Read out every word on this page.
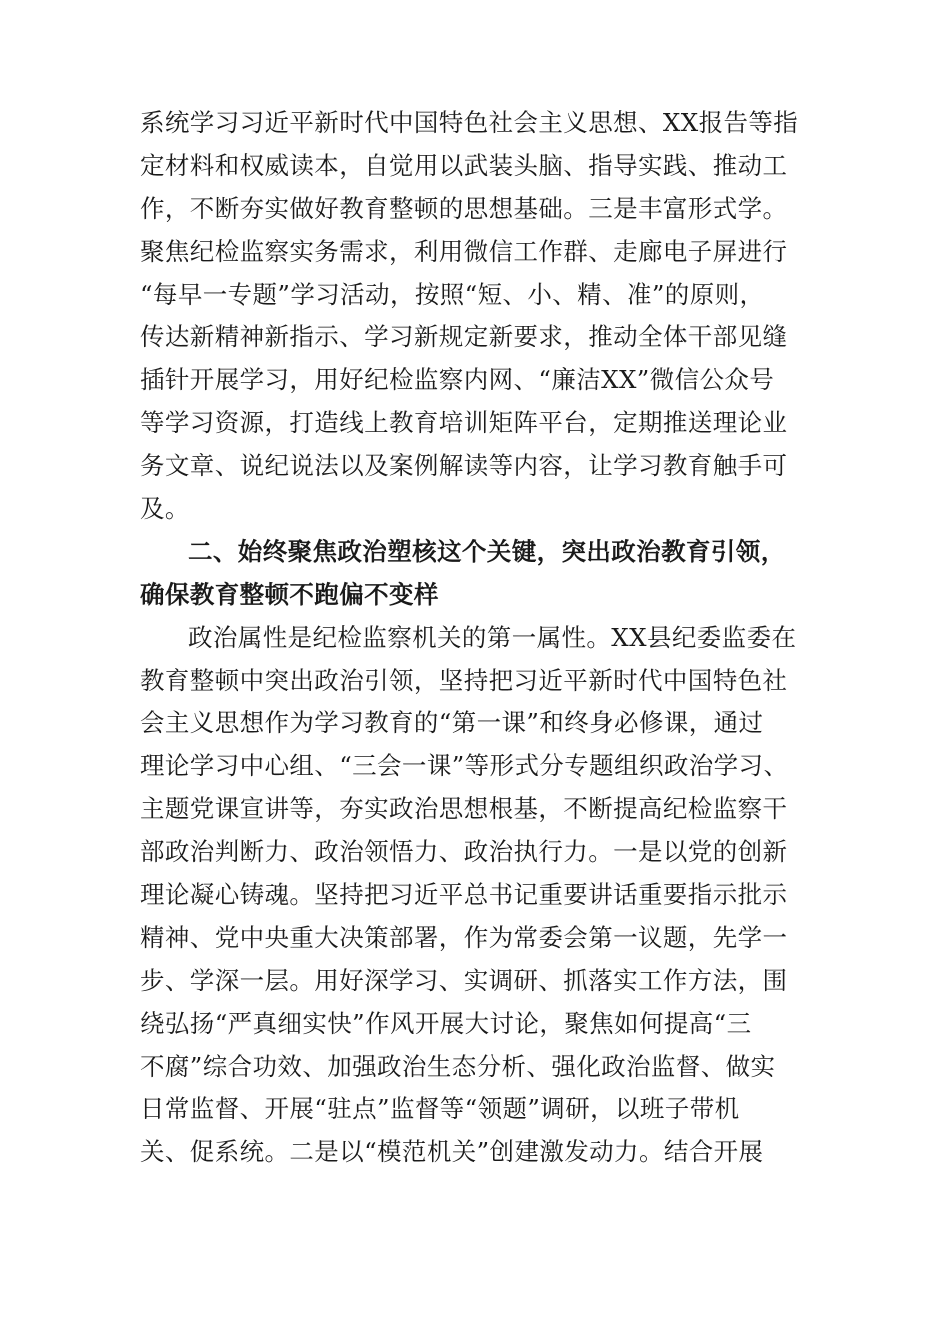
系统学习习近平新时代中国特色社会主义思想、XX报告等指
定材料和权威读本，自觉用以武装头脑、指导实践、推动工
作，不断夯实做好教育整顿的思想基础。三是丰富形式学。
聚焦纪检监察实务需求，利用微信工作群、走廊电子屏进行
“每早一专题”学习活动，按照“短、小、精、准”的原则，
传达新精神新指示、学习新规定新要求，推动全体干部见缝
插针开展学习，用好纪检监察内网、“廉洁XX”微信公众号
等学习资源，打造线上教育培训矩阵平台，定期推送理论业
务文章、说纪说法以及案例解读等内容，让学习教育触手可
及。
二、始终聚焦政治塑核这个关键，突出政治教育引领，
确保教育整顿不跑偏不变样
政治属性是纪检监察机关的第一属性。XX县纪委监委在
教育整顿中突出政治引领，坚持把习近平新时代中国特色社
会主义思想作为学习教育的“第一课”和终身必修课，通过
理论学习中心组、“三会一课”等形式分专题组织政治学习、
主题党课宣讲等，夯实政治思想根基，不断提高纪检监察干
部政治判断力、政治领悟力、政治执行力。一是以党的创新
理论凝心铸魂。坚持把习近平总书记重要讲话重要指示批示
精神、党中央重大决策部署，作为常委会第一议题，先学一
步、学深一层。用好深学习、实调研、抓落实工作方法，围
绕弘扬“严真细实快”作风开展大讨论，聚焦如何提高“三
不腐”综合功效、加强政治生态分析、强化政治监督、做实
日常监督、开展“驻点”监督等“领题”调研，以班子带机
关、促系统。二是以“模范机关”创建激发动力。结合开展
